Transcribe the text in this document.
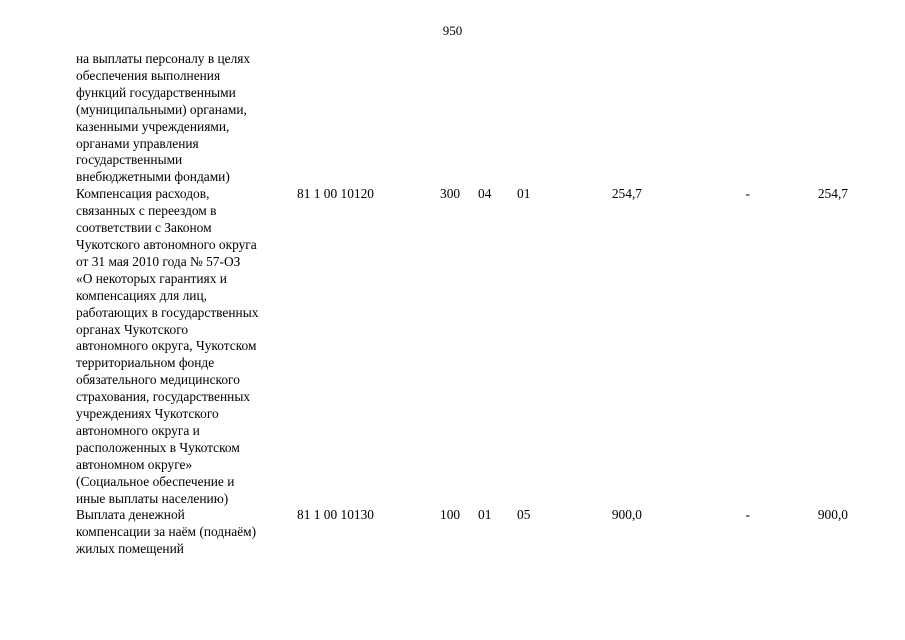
950
на выплаты персоналу в целях
обеспечения выполнения
функций государственными
(муниципальными) органами,
казенными учреждениями,
органами управления
государственными
внебюджетными фондами)
Компенсация расходов,
связанных с переездом в
соответствии с Законом
Чукотского автономного округа
от 31 мая 2010 года № 57-ОЗ
«О некоторых гарантиях и
компенсациях для лиц,
работающих в государственных
органах Чукотского
автономного округа, Чукотском
территориальном фонде
обязательного медицинского
страхования, государственных
учреждениях Чукотского
автономного округа и
расположенных в Чукотском
автономном округе»
(Социальное обеспечение и
иные выплаты населению)
81 1 00 10120	300 04 01	254,7	-	254,7
Выплата денежной
компенсации за наём (поднаём)
жилых помещений
81 1 00 10130	100 01 05	900,0	-	900,0
